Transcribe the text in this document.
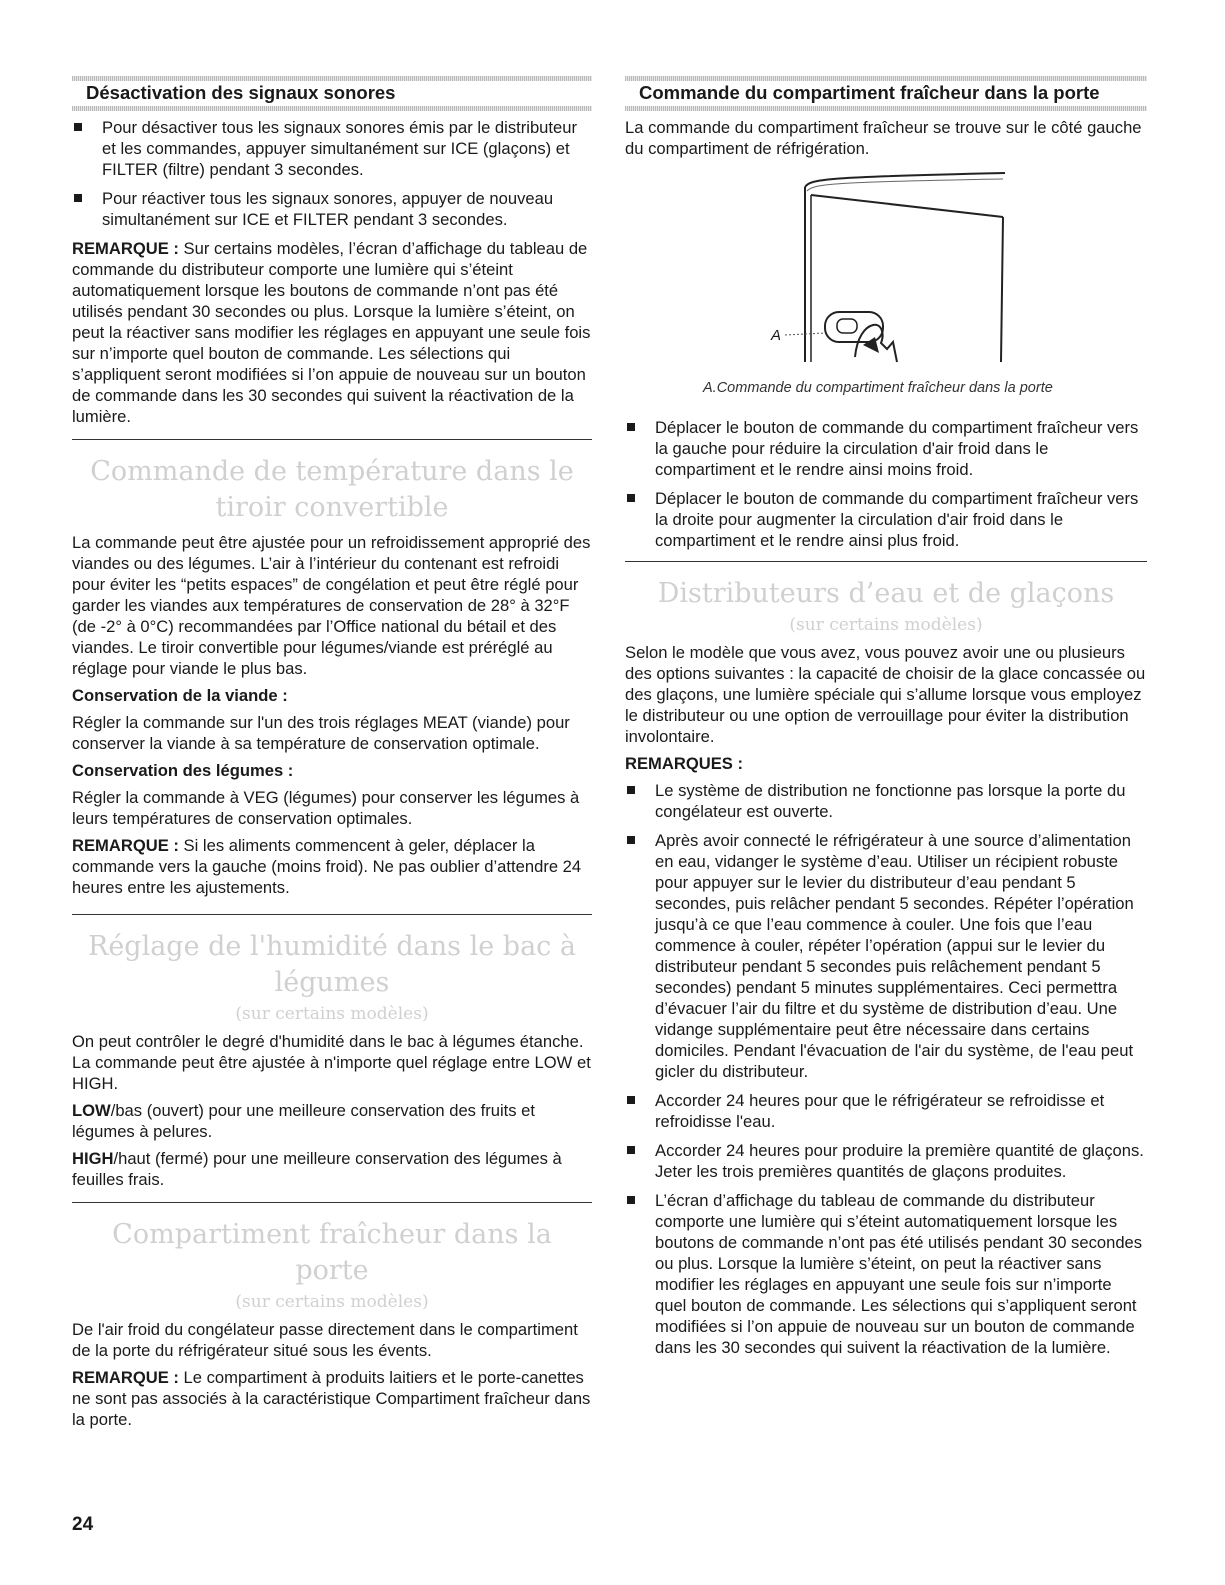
Désactivation des signaux sonores
Pour désactiver tous les signaux sonores émis par le distributeur et les commandes, appuyer simultanément sur ICE (glaçons) et FILTER (filtre) pendant 3 secondes.
Pour réactiver tous les signaux sonores, appuyer de nouveau simultanément sur ICE et FILTER pendant 3 secondes.

REMARQUE : Sur certains modèles, l’écran d’affichage du tableau de commande du distributeur comporte une lumière qui s’éteint automatiquement lorsque les boutons de commande n’ont pas été utilisés pendant 30 secondes ou plus. Lorsque la lumière s’éteint, on peut la réactiver sans modifier les réglages en appuyant une seule fois sur n’importe quel bouton de commande. Les sélections qui s’appliquent seront modifiées si l’on appuie de nouveau sur un bouton de commande dans les 30 secondes qui suivent la réactivation de la lumière.

Commande de température dans le tiroir convertible

La commande peut être ajustée pour un refroidissement approprié des viandes ou des légumes. L’air à l’intérieur du contenant est refroidi pour éviter les “petits espaces” de congélation et peut être réglé pour garder les viandes aux températures de conservation de 28° à 32°F (de -2° à 0°C) recommandées par l’Office national du bétail et des viandes. Le tiroir convertible pour légumes/viande est préréglé au réglage pour viande le plus bas.

Conservation de la viande :

Régler la commande sur l'un des trois réglages MEAT (viande) pour conserver la viande à sa température de conservation optimale.

Conservation des légumes :

Régler la commande à VEG (légumes) pour conserver les légumes à leurs températures de conservation optimales.

REMARQUE : Si les aliments commencent à geler, déplacer la commande vers la gauche (moins froid). Ne pas oublier d’attendre 24 heures entre les ajustements.

Réglage de l'humidité dans le bac à légumes
(sur certains modèles)

On peut contrôler le degré d'humidité dans le bac à légumes étanche. La commande peut être ajustée à n'importe quel réglage entre LOW et HIGH.

LOW/bas (ouvert) pour une meilleure conservation des fruits et légumes à pelures.

HIGH/haut (fermé) pour une meilleure conservation des légumes à feuilles frais.

Compartiment fraîcheur dans la porte
(sur certains modèles)

De l'air froid du congélateur passe directement dans le compartiment de la porte du réfrigérateur situé sous les évents.

REMARQUE : Le compartiment à produits laitiers et le porte-canettes ne sont pas associés à la caractéristique Compartiment fraîcheur dans la porte.

Commande du compartiment fraîcheur dans la porte

La commande du compartiment fraîcheur se trouve sur le côté gauche du compartiment de réfrigération.

A
A.Commande du compartiment fraîcheur dans la porte
Déplacer le bouton de commande du compartiment fraîcheur vers la gauche pour réduire la circulation d'air froid dans le compartiment et le rendre ainsi moins froid.
Déplacer le bouton de commande du compartiment fraîcheur vers la droite pour augmenter la circulation d'air froid dans le compartiment et le rendre ainsi plus froid.
Distributeurs d’eau et de glaçons
(sur certains modèles)

Selon le modèle que vous avez, vous pouvez avoir une ou plusieurs des options suivantes : la capacité de choisir de la glace concassée ou des glaçons, une lumière spéciale qui s’allume lorsque vous employez le distributeur ou une option de verrouillage pour éviter la distribution involontaire.

REMARQUES :
Le système de distribution ne fonctionne pas lorsque la porte du congélateur est ouverte.
Après avoir connecté le réfrigérateur à une source d’alimentation en eau, vidanger le système d’eau. Utiliser un récipient robuste pour appuyer sur le levier du distributeur d’eau pendant 5 secondes, puis relâcher pendant 5 secondes. Répéter l’opération jusqu’à ce que l’eau commence à couler. Une fois que l’eau commence à couler, répéter l’opération (appui sur le levier du distributeur pendant 5 secondes puis relâchement pendant 5 secondes) pendant 5 minutes supplémentaires. Ceci permettra d’évacuer l’air du filtre et du système de distribution d’eau. Une vidange supplémentaire peut être nécessaire dans certains domiciles. Pendant l'évacuation de l'air du système, de l'eau peut gicler du distributeur.
Accorder 24 heures pour que le réfrigérateur se refroidisse et refroidisse l'eau.
Accorder 24 heures pour produire la première quantité de glaçons. Jeter les trois premières quantités de glaçons produites.
L’écran d’affichage du tableau de commande du distributeur comporte une lumière qui s’éteint automatiquement lorsque les boutons de commande n’ont pas été utilisés pendant 30 secondes ou plus. Lorsque la lumière s’éteint, on peut la réactiver sans modifier les réglages en appuyant une seule fois sur n’importe quel bouton de commande. Les sélections qui s’appliquent seront modifiées si l’on appuie de nouveau sur un bouton de commande dans les 30 secondes qui suivent la réactivation de la lumière.
24
